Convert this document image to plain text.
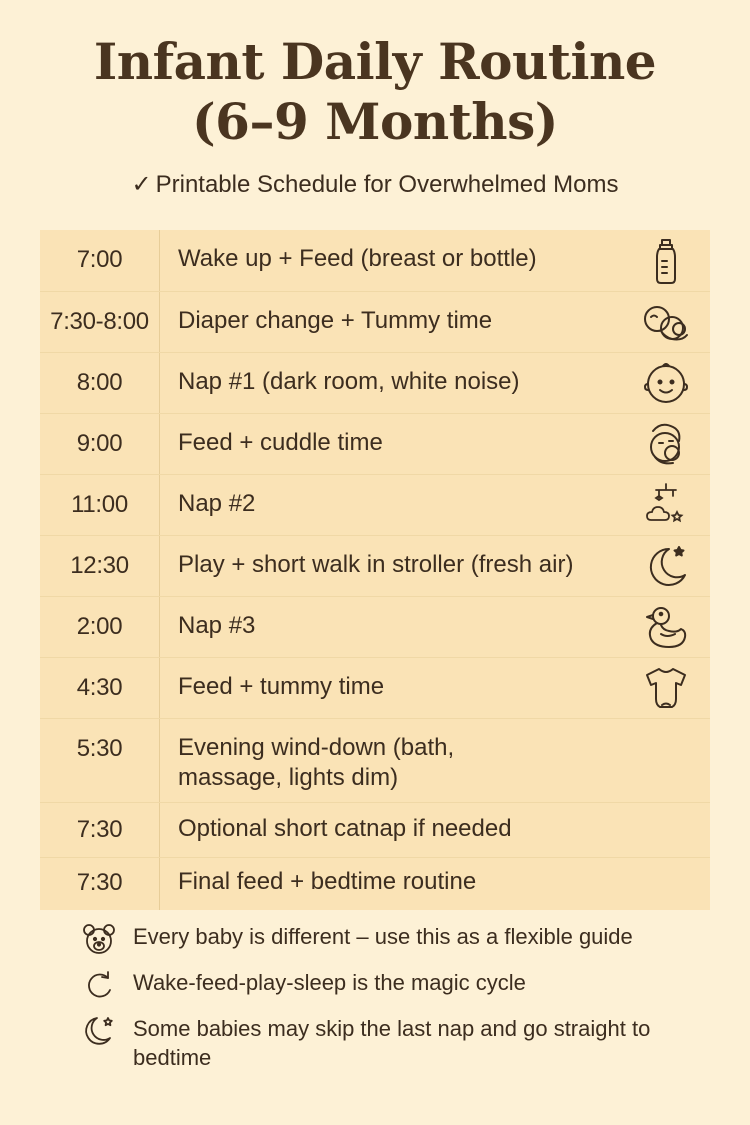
Infant Daily Routine
(6–9 Months)
✓ Printable Schedule for Overwhelmed Moms
7:00	Wake up + Feed (breast or bottle)
7:30-8:00	Diaper change + Tummy time
8:00	Nap #1 (dark room, white noise)
9:00	Feed + cuddle time
11:00	Nap #2
12:30	Play + short walk in stroller (fresh air)
2:00	Nap #3
4:30	Feed + tummy time
5:30	Evening wind-down (bath,
massage, lights dim)
7:30	Optional short catnap if needed
7:30	Final feed + bedtime routine
Every baby is different – use this as a flexible guide
Wake-feed-play-sleep is the magic cycle
Some babies may skip the last nap and go straight to bedtime
